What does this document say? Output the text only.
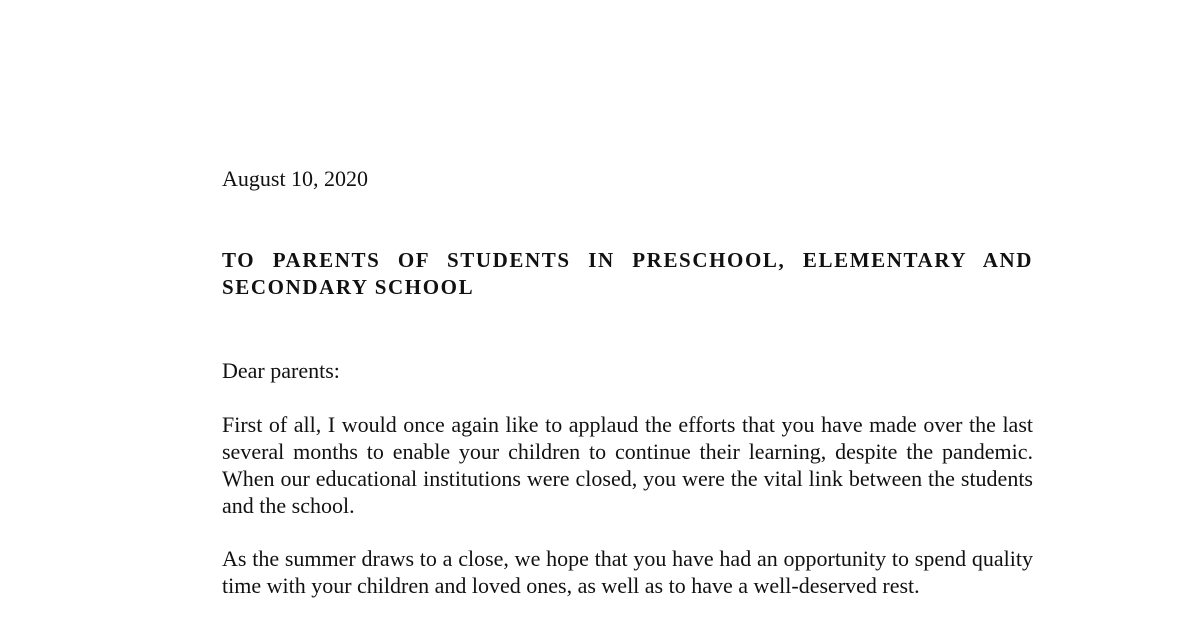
August 10, 2020

TO PARENTS OF STUDENTS IN PRESCHOOL, ELEMENTARY AND SECONDARY SCHOOL

Dear parents:

First of all, I would once again like to applaud the efforts that you have made over the last several months to enable your children to continue their learning, despite the pandemic. When our educational institutions were closed, you were the vital link between the students and the school.

As the summer draws to a close, we hope that you have had an opportunity to spend quality time with your children and loved ones, as well as to have a well-deserved rest.
